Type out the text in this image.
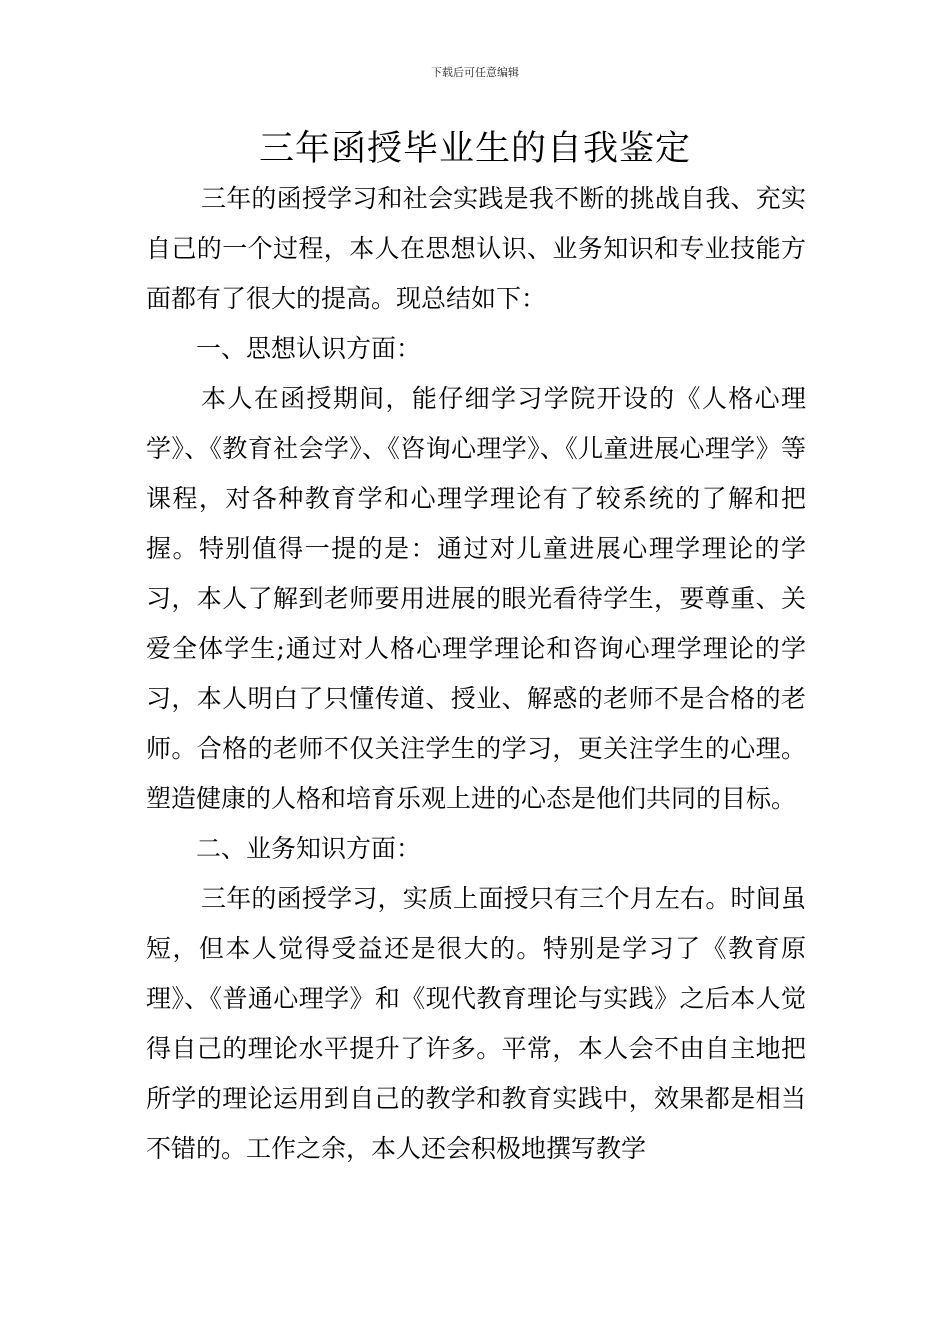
下载后可任意编辑
三年函授毕业生的自我鉴定

三年的函授学习和社会实践是我不断的挑战自我、充实自己的一个过程，本人在思想认识、业务知识和专业技能方面都有了很大的提高。现总结如下：

一、思想认识方面：

本人在函授期间，能仔细学习学院开设的《人格心理学》、《教育社会学》、《咨询心理学》、《儿童进展心理学》等课程，对各种教育学和心理学理论有了较系统的了解和把握。特别值得一提的是：通过对儿童进展心理学理论的学习，本人了解到老师要用进展的眼光看待学生，要尊重、关爱全体学生;通过对人格心理学理论和咨询心理学理论的学习，本人明白了只懂传道、授业、解惑的老师不是合格的老师。合格的老师不仅关注学生的学习，更关注学生的心理。塑造健康的人格和培育乐观上进的心态是他们共同的目标。

二、业务知识方面：

三年的函授学习，实质上面授只有三个月左右。时间虽短，但本人觉得受益还是很大的。特别是学习了《教育原理》、《普通心理学》和《现代教育理论与实践》之后本人觉得自己的理论水平提升了许多。平常，本人会不由自主地把所学的理论运用到自己的教学和教育实践中，效果都是相当不错的。工作之余，本人还会积极地撰写教学
